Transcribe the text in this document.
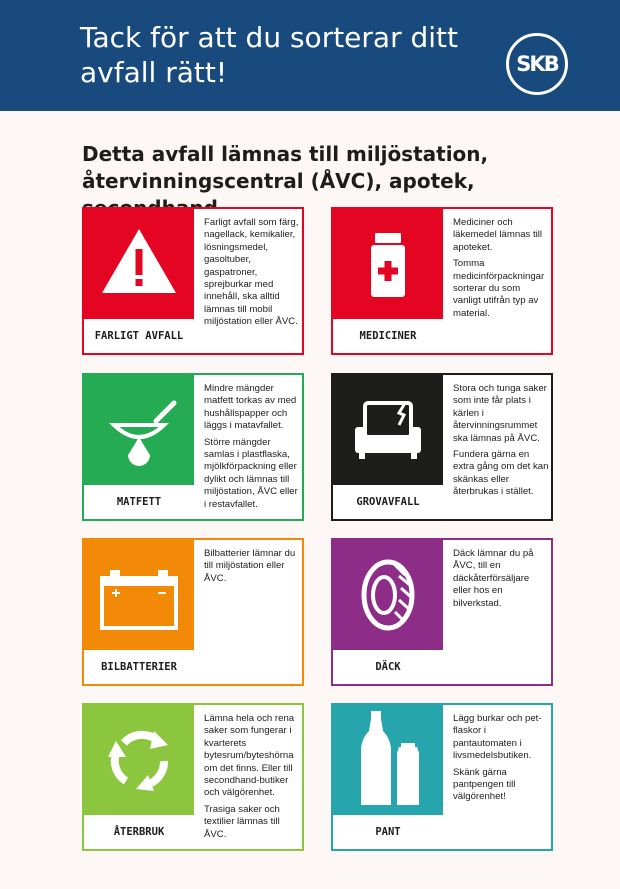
Tack för att du sorterar ditt avfall rätt!	SKB
Detta avfall lämnas till miljöstation, återvinningscentral (ÅVC), apotek,
FARLIGT AVFALL

Farligt avfall som färg, nagellack, kemikalier, lösningsmedel, gasoltuber, gaspatroner, sprejburkar med innehåll, ska alltid lämnas till mobil miljöstation eller ÅVC.

MEDICINER

Mediciner och läkemedel lämnas till apoteket.

Tomma medicinförpackningar sorterar du som vanligt utifrån typ av material.

MATFETT

Mindre mängder matfett torkas av med hushållspapper och läggs i matavfallet.

Större mängder samlas i plastflaska, mjölkförpackning eller dylikt och lämnas till miljöstation, ÅVC eller i restavfallet.	GROVAVFALL

Stora och tunga saker som inte får plats i kärlen i återvinningsrummet ska lämnas på ÅVC.

Fundera gärna en extra gång om det kan skänkas eller återbrukas i stället.

BILBATTERIER

Bilbatterier lämnar du till miljöstation eller ÅVC.

DÄCK

Däck lämnar du på ÅVC, till en däckåterförsäljare eller hos en bilverkstad.

ÅTERBRUK

Lämna hela och rena saker som fungerar i kvarterets bytesrum/byteshörna om det finns. Eller till secondhand-butiker och välgörenhet.

Trasiga saker och textilier lämnas till ÅVC.	PANT

Lägg burkar och pet-flaskor i pantautomaten i livsmedelsbutiken.

Skänk gärna pantpengen till välgörenhet!
